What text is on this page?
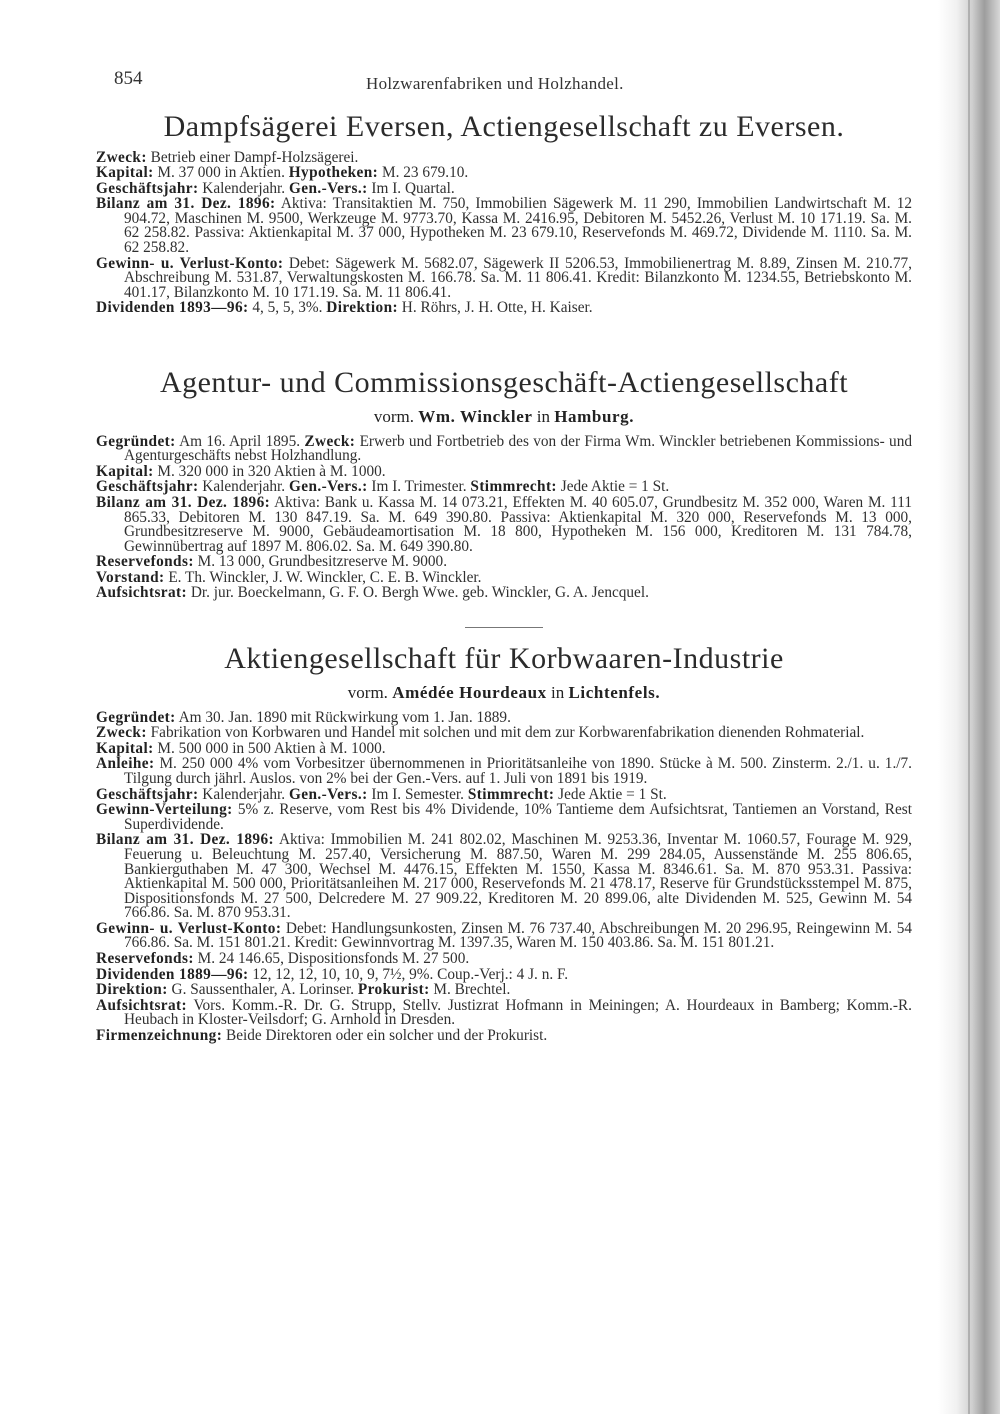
854	Holzwarenfabriken und Holzhandel.
Dampfsägerei Eversen, Actiengesellschaft zu Eversen.
Zweck: Betrieb einer Dampf-Holzsägerei.
Kapital: M. 37 000 in Aktien. Hypotheken: M. 23 679.10.
Geschäftsjahr: Kalenderjahr. Gen.-Vers.: Im I. Quartal.
Bilanz am 31. Dez. 1896: Aktiva: Transitaktien M. 750, Immobilien Sägewerk M. 11 290, Immobilien Landwirtschaft M. 12 904.72, Maschinen M. 9500, Werkzeuge M. 9773.70, Kassa M. 2416.95, Debitoren M. 5452.26, Verlust M. 10 171.19. Sa. M. 62 258.82. Passiva: Aktienkapital M. 37 000, Hypotheken M. 23 679.10, Reservefonds M. 469.72, Dividende M. 1110. Sa. M. 62 258.82.
Gewinn- u. Verlust-Konto: Debet: Sägewerk M. 5682.07, Sägewerk II 5206.53, Immobilienertrag M. 8.89, Zinsen M. 210.77, Abschreibung M. 531.87, Verwaltungskosten M. 166.78. Sa. M. 11 806.41. Kredit: Bilanzkonto M. 1234.55, Betriebskonto M. 401.17, Bilanzkonto M. 10 171.19. Sa. M. 11 806.41.
Dividenden 1893—96: 4, 5, 5, 3%. Direktion: H. Röhrs, J. H. Otte, H. Kaiser.
Agentur- und Commissionsgeschäft-Actiengesellschaft
vorm. Wm. Winckler in Hamburg.
Gegründet: Am 16. April 1895. Zweck: Erwerb und Fortbetrieb des von der Firma Wm. Winckler betriebenen Kommissions- und Agenturgeschäfts nebst Holzhandlung.
Kapital: M. 320 000 in 320 Aktien à M. 1000.
Geschäftsjahr: Kalenderjahr. Gen.-Vers.: Im I. Trimester. Stimmrecht: Jede Aktie = 1 St.
Bilanz am 31. Dez. 1896: Aktiva: Bank u. Kassa M. 14 073.21, Effekten M. 40 605.07, Grundbesitz M. 352 000, Waren M. 111 865.33, Debitoren M. 130 847.19. Sa. M. 649 390.80. Passiva: Aktienkapital M. 320 000, Reservefonds M. 13 000, Grundbesitzreserve M. 9000, Gebäudeamortisation M. 18 800, Hypotheken M. 156 000, Kreditoren M. 131 784.78, Gewinnübertrag auf 1897 M. 806.02. Sa. M. 649 390.80.
Reservefonds: M. 13 000, Grundbesitzreserve M. 9000.
Vorstand: E. Th. Winckler, J. W. Winckler, C. E. B. Winckler.
Aufsichtsrat: Dr. jur. Boeckelmann, G. F. O. Bergh Wwe. geb. Winckler, G. A. Jencquel.
Aktiengesellschaft für Korbwaaren-Industrie
vorm. Amédée Hourdeaux in Lichtenfels.
Gegründet: Am 30. Jan. 1890 mit Rückwirkung vom 1. Jan. 1889.
Zweck: Fabrikation von Korbwaren und Handel mit solchen und mit dem zur Korbwarenfabrikation dienenden Rohmaterial.
Kapital: M. 500 000 in 500 Aktien à M. 1000.
Anleihe: M. 250 000 4% vom Vorbesitzer übernommenen in Prioritätsanleihe von 1890. Stücke à M. 500. Zinsterm. 2./1. u. 1./7. Tilgung durch jährl. Auslos. von 2% bei der Gen.-Vers. auf 1. Juli von 1891 bis 1919.
Geschäftsjahr: Kalenderjahr. Gen.-Vers.: Im I. Semester. Stimmrecht: Jede Aktie = 1 St.
Gewinn-Verteilung: 5% z. Reserve, vom Rest bis 4% Dividende, 10% Tantieme dem Aufsichtsrat, Tantiemen an Vorstand, Rest Superdividende.
Bilanz am 31. Dez. 1896: Aktiva: Immobilien M. 241 802.02, Maschinen M. 9253.36, Inventar M. 1060.57, Fourage M. 929, Feuerung u. Beleuchtung M. 257.40, Versicherung M. 887.50, Waren M. 299 284.05, Aussenstände M. 255 806.65, Bankierguthaben M. 47 300, Wechsel M. 4476.15, Effekten M. 1550, Kassa M. 8346.61. Sa. M. 870 953.31. Passiva: Aktienkapital M. 500 000, Prioritätsanleihen M. 217 000, Reservefonds M. 21 478.17, Reserve für Grundstücksstempel M. 875, Dispositionsfonds M. 27 500, Delcredere M. 27 909.22, Kreditoren M. 20 899.06, alte Dividenden M. 525, Gewinn M. 54 766.86. Sa. M. 870 953.31.
Gewinn- u. Verlust-Konto: Debet: Handlungsunkosten, Zinsen M. 76 737.40, Abschreibungen M. 20 296.95, Reingewinn M. 54 766.86. Sa. M. 151 801.21. Kredit: Gewinnvortrag M. 1397.35, Waren M. 150 403.86. Sa. M. 151 801.21.
Reservefonds: M. 24 146.65, Dispositionsfonds M. 27 500.
Dividenden 1889—96: 12, 12, 12, 10, 10, 9, 7½, 9%. Coup.-Verj.: 4 J. n. F.
Direktion: G. Saussenthaler, A. Lorinser. Prokurist: M. Brechtel.
Aufsichtsrat: Vors. Komm.-R. Dr. G. Strupp, Stellv. Justizrat Hofmann in Meiningen; A. Hourdeaux in Bamberg; Komm.-R. Heubach in Kloster-Veilsdorf; G. Arnhold in Dresden.
Firmenzeichnung: Beide Direktoren oder ein solcher und der Prokurist.
